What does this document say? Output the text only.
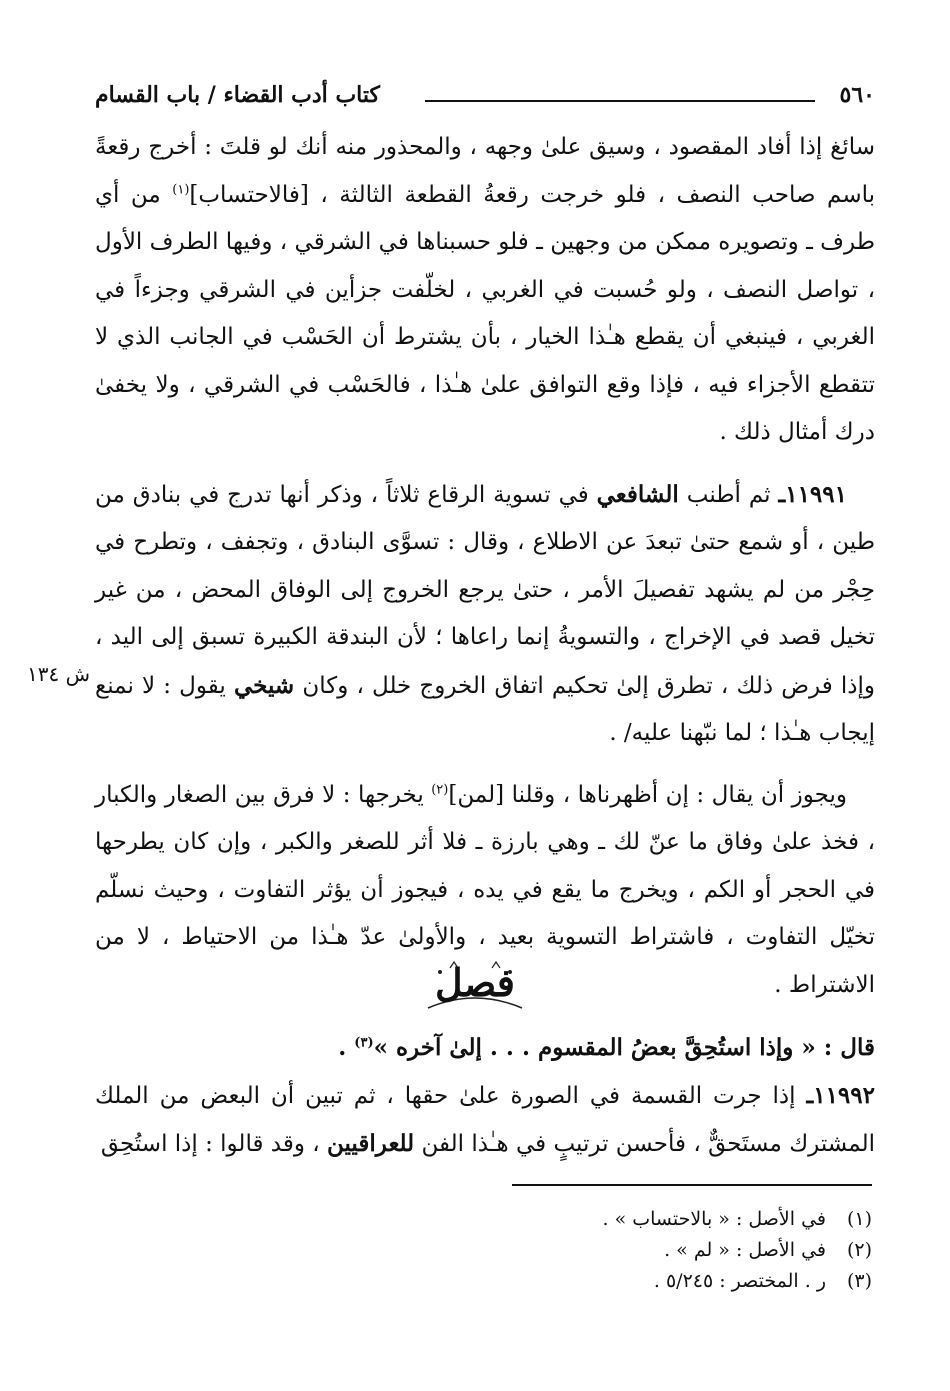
٥٦٠
كتاب أدب القضاء / باب القسام

سائغ إذا أفاد المقصود ، وسيق علىٰ وجهه ، والمحذور منه أنك لو قلتَ : أخرج رقعةً باسم صاحب النصف ، فلو خرجت رقعةُ القطعة الثالثة ، [فالاحتساب]$^{(١)}$ من أي طرف ـ وتصويره ممكن من وجهين ـ فلو حسبناها في الشرقي ، وفيها الطرف الأول ، تواصل النصف ، ولو حُسبت في الغربي ، لخلّفت جزأين في الشرقي وجزءاً في الغربي ، فينبغي أن يقطع هـٰذا الخيار ، بأن يشترط أن الحَسْب في الجانب الذي لا تتقطع الأجزاء فيه ، فإذا وقع التوافق علىٰ هـٰذا ، فالحَسْب في الشرقي ، ولا يخفىٰ درك أمثال ذلك .

١١٩٩١ـ ثم أطنب الشافعي في تسوية الرقاع ثلاثاً ، وذكر أنها تدرج في بنادق من طين ، أو شمع حتىٰ تبعدَ عن الاطلاع ، وقال : تسوَّى البنادق ، وتجفف ، وتطرح في حِجْر من لم يشهد تفصيلَ الأمر ، حتىٰ يرجع الخروج إلى الوفاق المحض ، من غير تخيل قصد في الإخراج ، والتسويةُ إنما راعاها ؛ لأن البندقة الكبيرة تسبق إلى اليد ، وإذا فرض ذلك ، تطرق إلىٰ تحكيم اتفاق الخروج خلل ، وكان شيخي يقول : لا نمنع إيجاب هـٰذا ؛ لما نبّهنا عليه/ .

ويجوز أن يقال : إن أظهرناها ، وقلنا [لمن]$^{(٢)}$ يخرجها : لا فرق بين الصغار والكبار ، فخذ علىٰ وفاق ما عنّ لك ـ وهي بارزة ـ فلا أثر للصغر والكبر ، وإن كان يطرحها في الحجر أو الكم ، ويخرج ما يقع في يده ، فيجوز أن يؤثر التفاوت ، وحيث نسلّم تخيّل التفاوت ، فاشتراط التسوية بعيد ، والأولىٰ عدّ هـٰذا من الاحتياط ، لا من الاشتراط .

ش ١٣٤
فصل

قال : « وإذا استُحِقَّ بعضُ المقسوم . . . إلىٰ آخره »$^{(٣)}$ .

١١٩٩٢ـ إذا جرت القسمة في الصورة علىٰ حقها ، ثم تبين أن البعض من الملك المشترك مستَحقٌّ ، فأحسن ترتيبٍ في هـٰذا الفن للعراقيين ، وقد قالوا : إذا استُحِق

(١)في الأصل : « بالاحتساب » .
(٢)في الأصل : « لم » .
(٣)ر . المختصر : ٥/٢٤٥ .
